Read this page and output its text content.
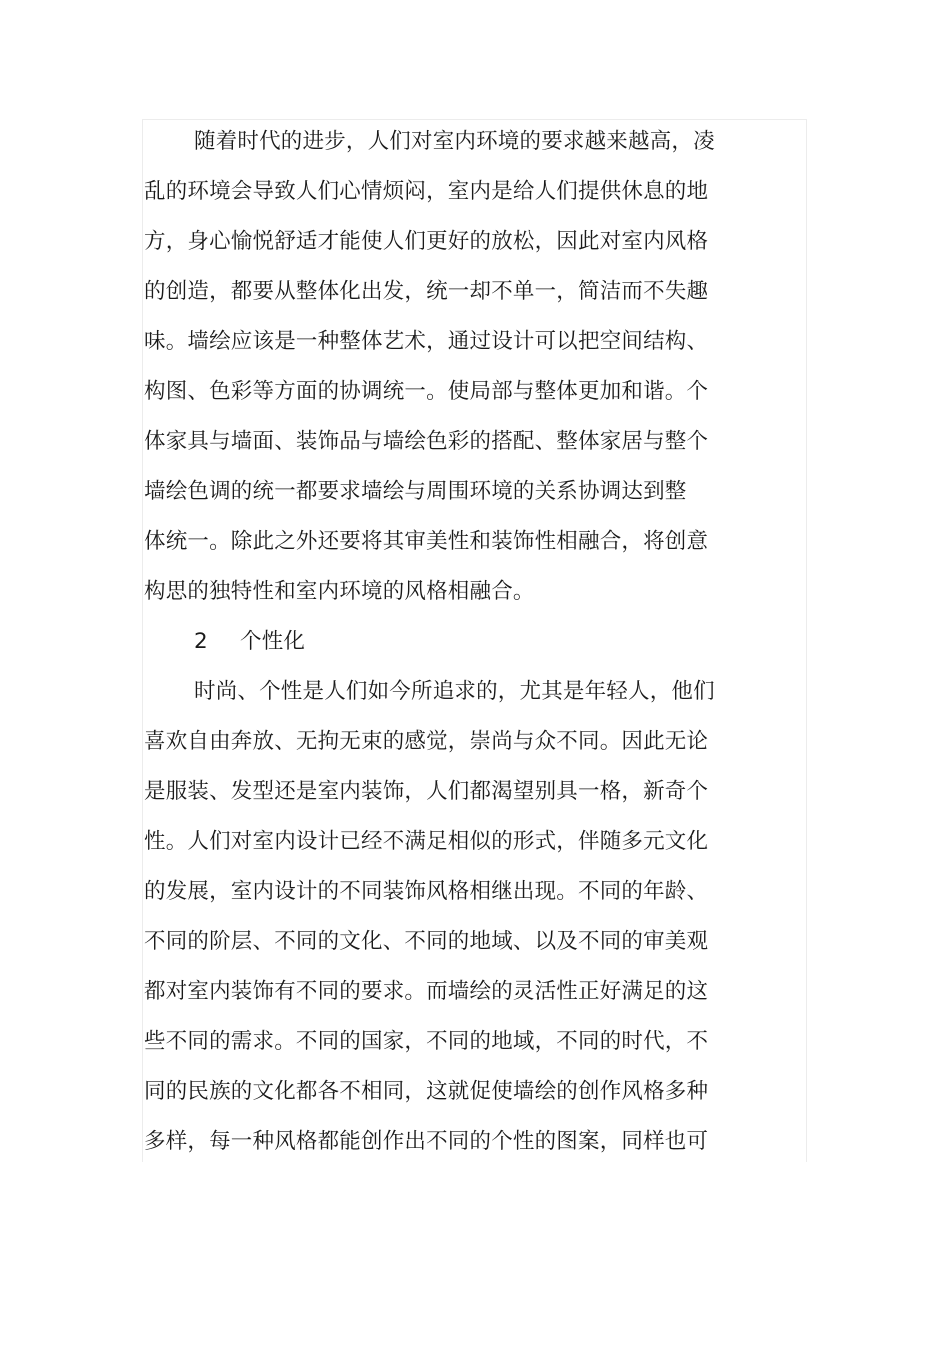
随着时代的进步，人们对室内环境的要求越来越高，凌
乱的环境会导致人们心情烦闷，室内是给人们提供休息的地
方，身心愉悦舒适才能使人们更好的放松，因此对室内风格
的创造，都要从整体化出发，统一却不单一，简洁而不失趣
味。墙绘应该是一种整体艺术，通过设计可以把空间结构、
构图、色彩等方面的协调统一。使局部与整体更加和谐。个
体家具与墙面、装饰品与墙绘色彩的搭配、整体家居与整个
墙绘色调的统一都要求墙绘与周围环境的关系协调达到整
体统一。除此之外还要将其审美性和装饰性相融合，将创意
构思的独特性和室内环境的风格相融合。
2 个性化
时尚、个性是人们如今所追求的，尤其是年轻人，他们
喜欢自由奔放、无拘无束的感觉，崇尚与众不同。因此无论
是服装、发型还是室内装饰，人们都渴望别具一格，新奇个
性。人们对室内设计已经不满足相似的形式，伴随多元文化
的发展，室内设计的不同装饰风格相继出现。不同的年龄、
不同的阶层、不同的文化、不同的地域、以及不同的审美观
都对室内装饰有不同的要求。而墙绘的灵活性正好满足的这
些不同的需求。不同的国家，不同的地域，不同的时代，不
同的民族的文化都各不相同，这就促使墙绘的创作风格多种
多样，每一种风格都能创作出不同的个性的图案，同样也可
